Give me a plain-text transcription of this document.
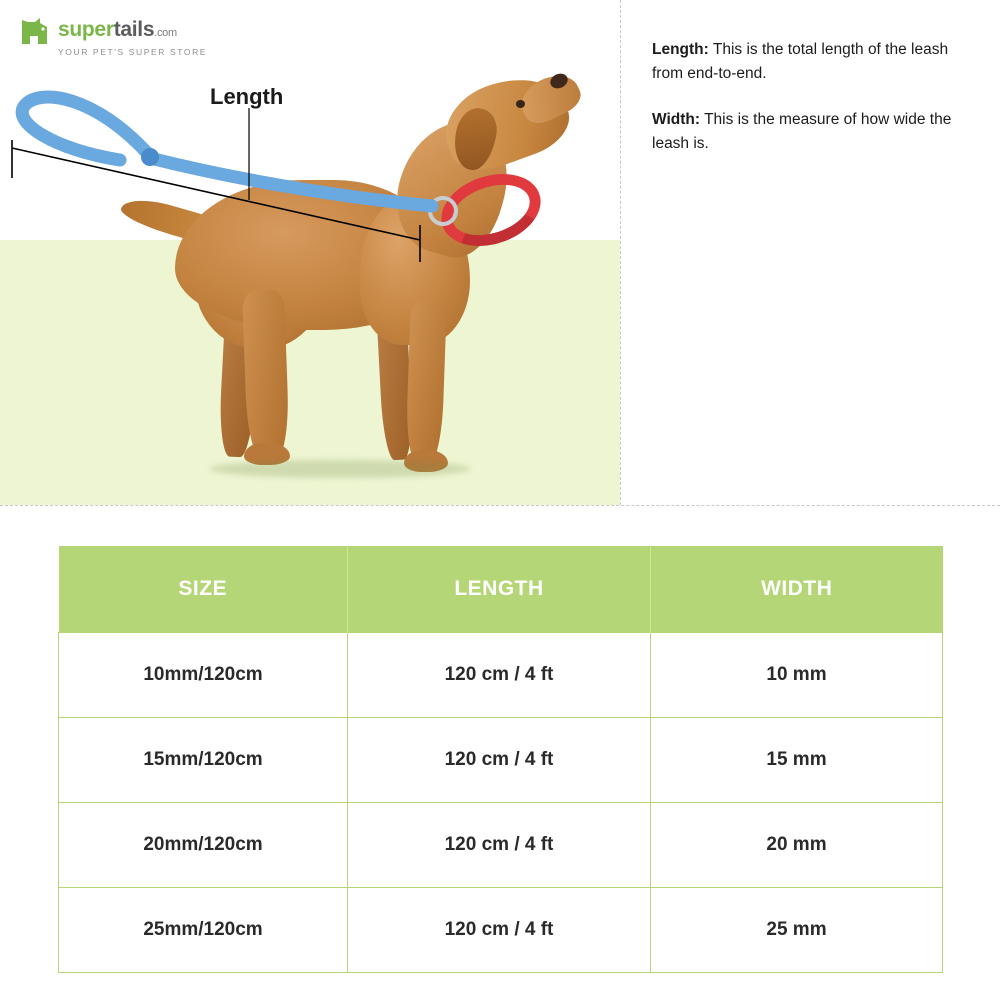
supertails.com
YOUR PET'S SUPER STORE
Length
Length: This is the total length of the leash from end-to-end.
Width: This is the measure of how wide the leash is.
SIZE	LENGTH	WIDTH
10mm/120cm	120 cm / 4 ft	10 mm
15mm/120cm	120 cm / 4 ft	15 mm
20mm/120cm	120 cm / 4 ft	20 mm
25mm/120cm	120 cm / 4 ft	25 mm
